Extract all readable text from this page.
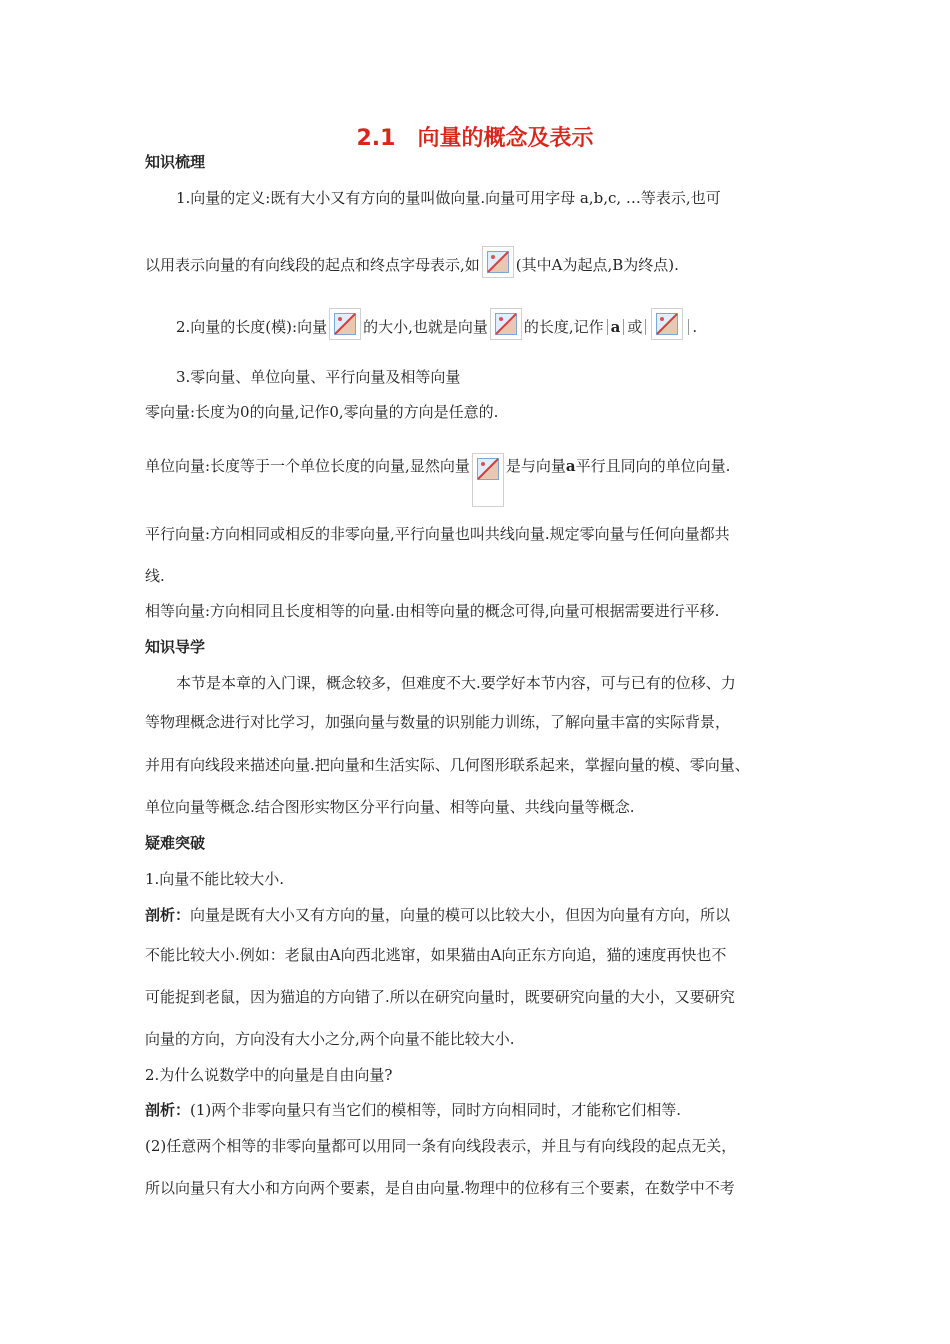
2.1　向量的概念及表示
知识梳理
1.向量的定义:既有大小又有方向的量叫做向量.向量可用字母 a,b,c, …等表示,也可
以用表示向量的有向线段的起点和终点字母表示,如 (其中A为起点,B为终点).
2.向量的长度(模):向量 的大小,也就是向量 的长度,记作 a 或	.
3.零向量、单位向量、平行向量及相等向量
零向量:长度为0的向量,记作0,零向量的方向是任意的.
单位向量:长度等于一个单位长度的向量,显然向量 是与向量a平行且同向的单位向量.
平行向量:方向相同或相反的非零向量,平行向量也叫共线向量.规定零向量与任何向量都共
线.
相等向量:方向相同且长度相等的向量.由相等向量的概念可得,向量可根据需要进行平移.
知识导学
本节是本章的入门课，概念较多，但难度不大.要学好本节内容，可与已有的位移、力
等物理概念进行对比学习，加强向量与数量的识别能力训练，了解向量丰富的实际背景，
并用有向线段来描述向量.把向量和生活实际、几何图形联系起来，掌握向量的模、零向量、
单位向量等概念.结合图形实物区分平行向量、相等向量、共线向量等概念.
疑难突破
1.向量不能比较大小.
剖析：向量是既有大小又有方向的量，向量的模可以比较大小，但因为向量有方向，所以
不能比较大小.例如：老鼠由A向西北逃窜，如果猫由A向正东方向追，猫的速度再快也不
可能捉到老鼠，因为猫追的方向错了.所以在研究向量时，既要研究向量的大小，又要研究
向量的方向，方向没有大小之分,两个向量不能比较大小.
2.为什么说数学中的向量是自由向量?
剖析：(1)两个非零向量只有当它们的模相等，同时方向相同时，才能称它们相等.
(2)任意两个相等的非零向量都可以用同一条有向线段表示，并且与有向线段的起点无关，
所以向量只有大小和方向两个要素，是自由向量.物理中的位移有三个要素，在数学中不考
